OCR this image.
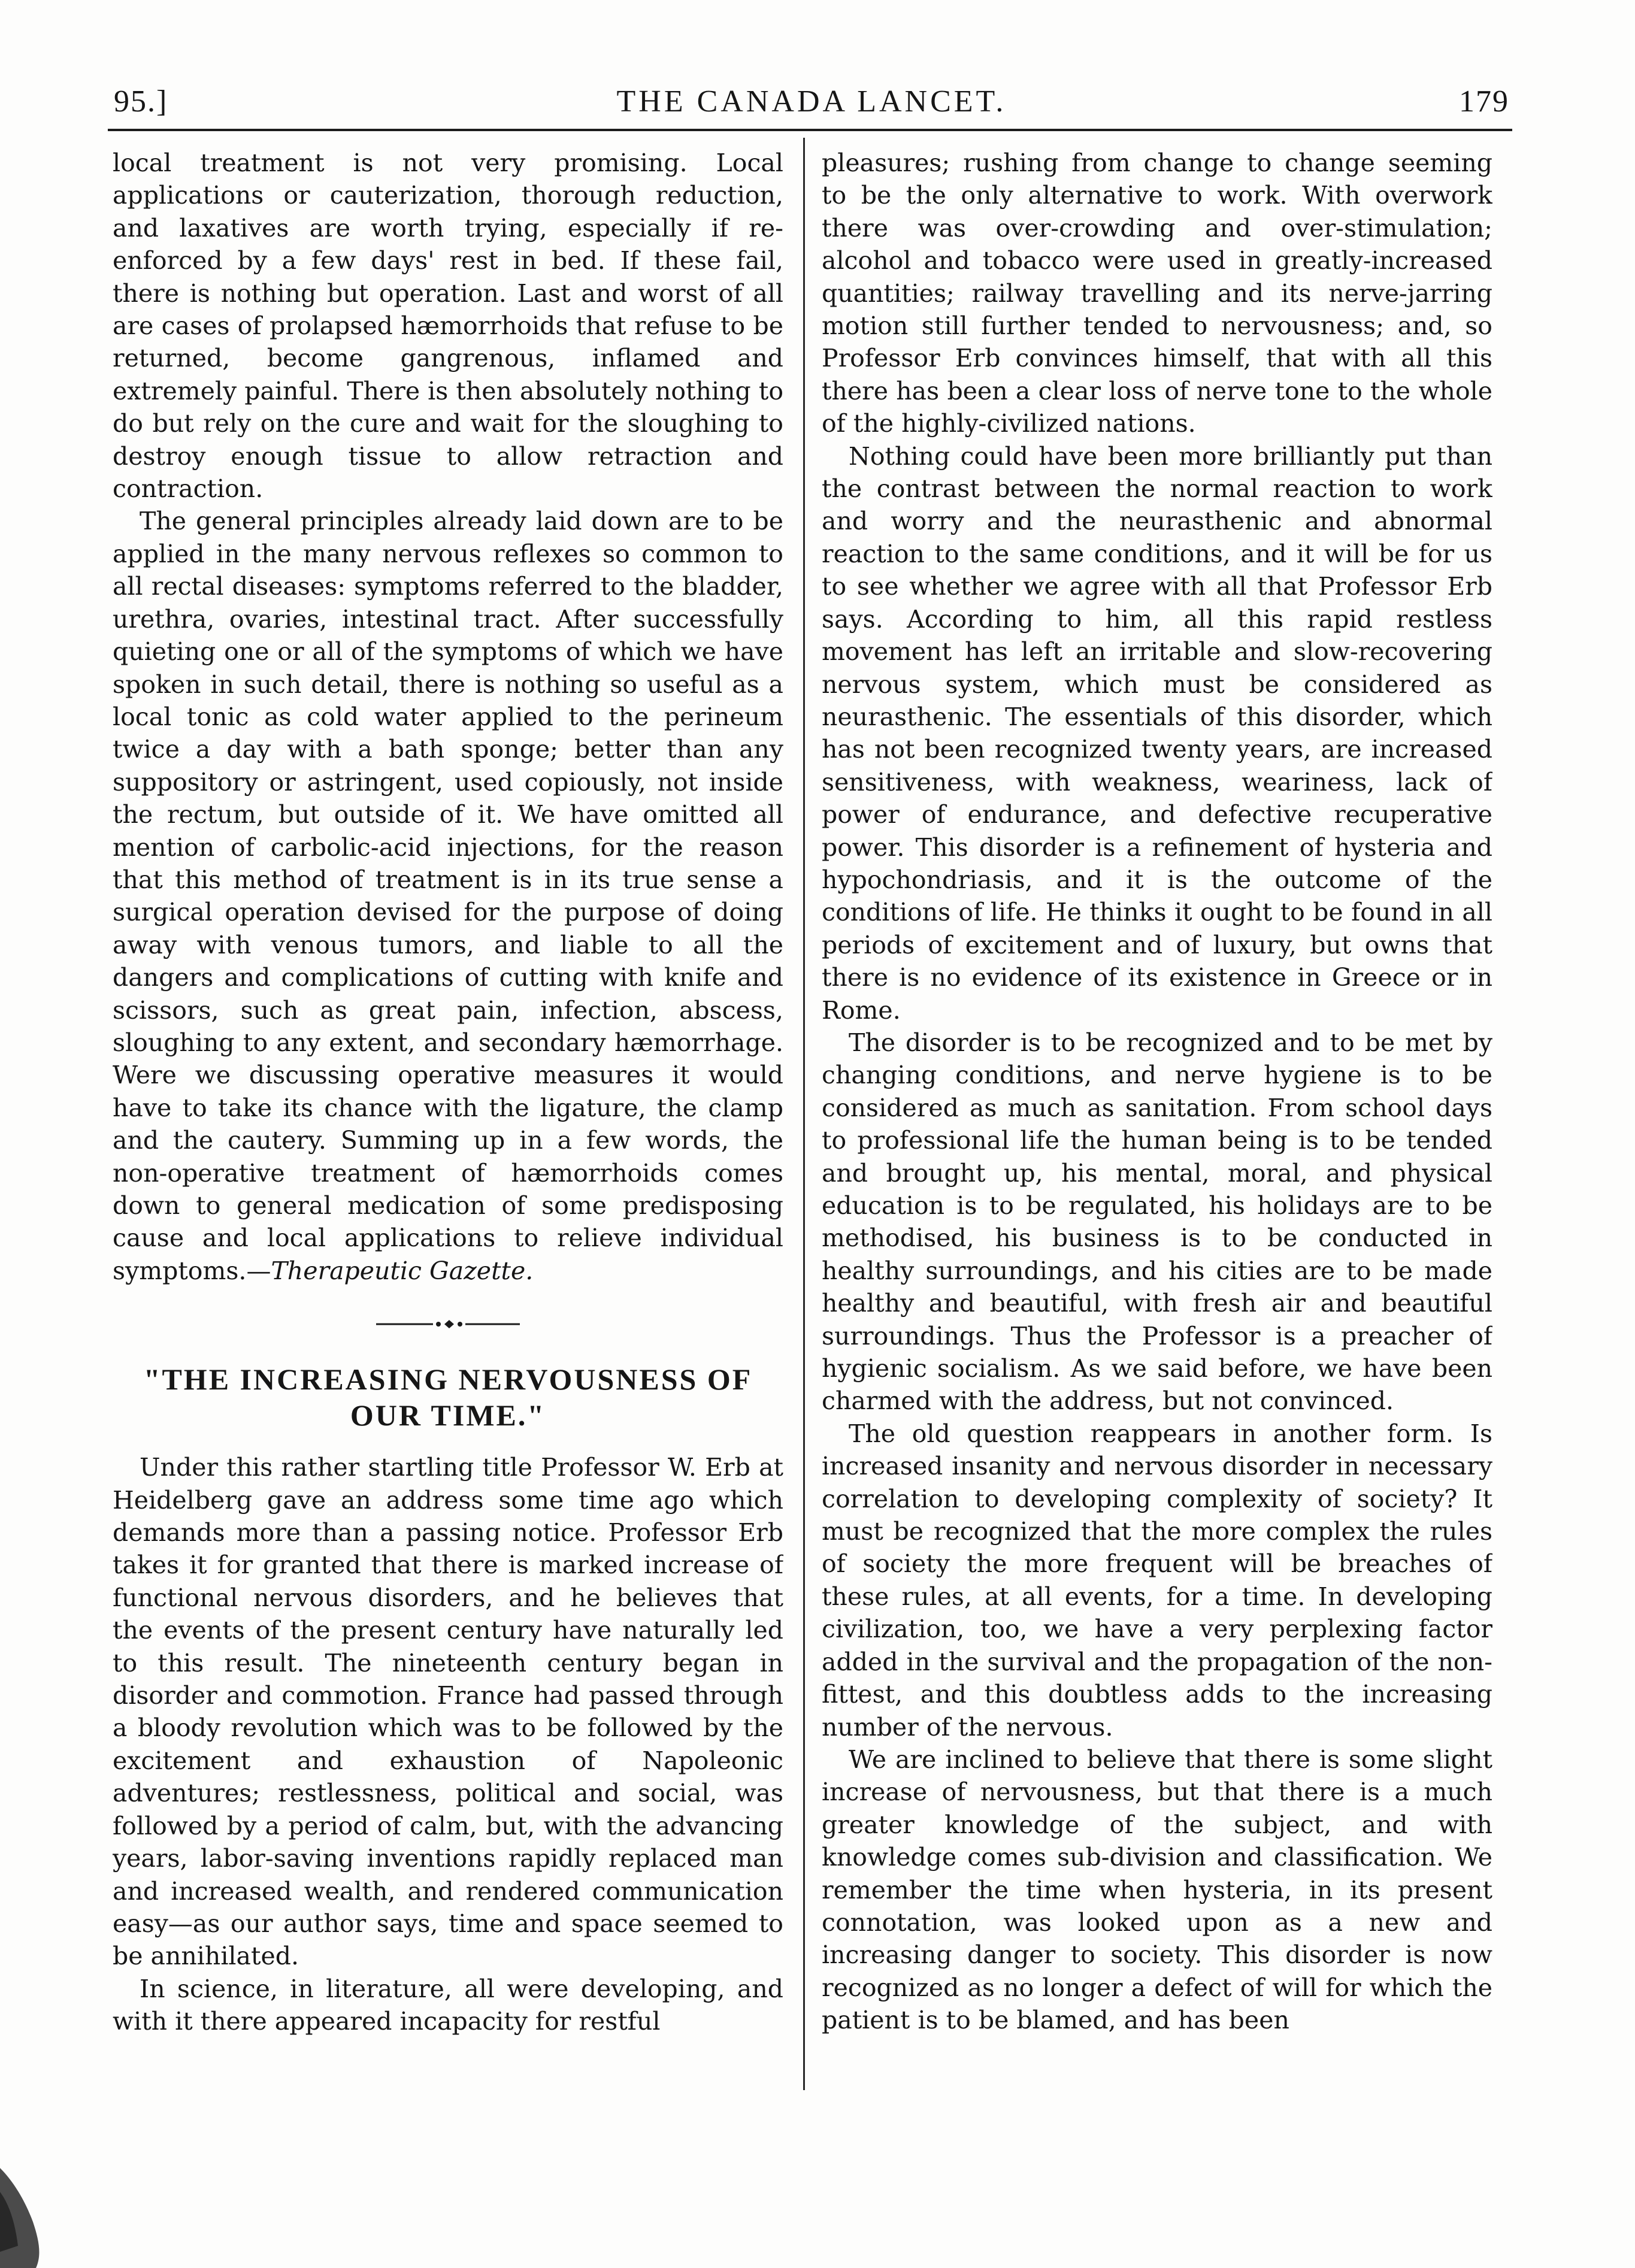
95.]	THE CANADA LANCET.	179

local treatment is not very promising. Local applications or cauterization, thorough reduction, and laxatives are worth trying, especially if re-enforced by a few days' rest in bed. If these fail, there is nothing but operation. Last and worst of all are cases of prolapsed hæmorrhoids that refuse to be returned, become gangrenous, inflamed and extremely painful. There is then absolutely nothing to do but rely on the cure and wait for the sloughing to destroy enough tissue to allow retraction and contraction.

The general principles already laid down are to be applied in the many nervous reflexes so common to all rectal diseases: symptoms referred to the bladder, urethra, ovaries, intestinal tract. After successfully quieting one or all of the symptoms of which we have spoken in such detail, there is nothing so useful as a local tonic as cold water applied to the perineum twice a day with a bath sponge; better than any suppository or astringent, used copiously, not inside the rectum, but outside of it. We have omitted all mention of carbolic-acid injections, for the reason that this method of treatment is in its true sense a surgical operation devised for the purpose of doing away with venous tumors, and liable to all the dangers and complications of cutting with knife and scissors, such as great pain, infection, abscess, sloughing to any extent, and secondary hæmorrhage. Were we discussing operative measures it would have to take its chance with the ligature, the clamp and the cautery. Summing up in a few words, the non-operative treatment of hæmorrhoids comes down to general medication of some predisposing cause and local applications to relieve individual symptoms.—Therapeutic Gazette.

"THE INCREASING NERVOUSNESS OF OUR TIME."

Under this rather startling title Professor W. Erb at Heidelberg gave an address some time ago which demands more than a passing notice. Professor Erb takes it for granted that there is marked increase of functional nervous disorders, and he believes that the events of the present century have naturally led to this result. The nineteenth century began in disorder and commotion. France had passed through a bloody revolution which was to be followed by the excitement and exhaustion of Napoleonic adventures; restlessness, political and social, was followed by a period of calm, but, with the advancing years, labor-saving inventions rapidly replaced man and increased wealth, and rendered communication easy—as our author says, time and space seemed to be annihilated.

In science, in literature, all were developing, and with it there appeared incapacity for restful

pleasures; rushing from change to change seeming to be the only alternative to work. With overwork there was over-crowding and over-stimulation; alcohol and tobacco were used in greatly-increased quantities; railway travelling and its nerve-jarring motion still further tended to nervousness; and, so Professor Erb convinces himself, that with all this there has been a clear loss of nerve tone to the whole of the highly-civilized nations.

Nothing could have been more brilliantly put than the contrast between the normal reaction to work and worry and the neurasthenic and abnormal reaction to the same conditions, and it will be for us to see whether we agree with all that Professor Erb says. According to him, all this rapid restless movement has left an irritable and slow-recovering nervous system, which must be considered as neurasthenic. The essentials of this disorder, which has not been recognized twenty years, are increased sensitiveness, with weakness, weariness, lack of power of endurance, and defective recuperative power. This disorder is a refinement of hysteria and hypochondriasis, and it is the outcome of the conditions of life. He thinks it ought to be found in all periods of excitement and of luxury, but owns that there is no evidence of its existence in Greece or in Rome.

The disorder is to be recognized and to be met by changing conditions, and nerve hygiene is to be considered as much as sanitation. From school days to professional life the human being is to be tended and brought up, his mental, moral, and physical education is to be regulated, his holidays are to be methodised, his business is to be conducted in healthy surroundings, and his cities are to be made healthy and beautiful, with fresh air and beautiful surroundings. Thus the Professor is a preacher of hygienic socialism. As we said before, we have been charmed with the address, but not convinced.

The old question reappears in another form. Is increased insanity and nervous disorder in necessary correlation to developing complexity of society? It must be recognized that the more complex the rules of society the more frequent will be breaches of these rules, at all events, for a time. In developing civilization, too, we have a very perplexing factor added in the survival and the propagation of the non-fittest, and this doubtless adds to the increasing number of the nervous.

We are inclined to believe that there is some slight increase of nervousness, but that there is a much greater knowledge of the subject, and with knowledge comes sub-division and classification. We remember the time when hysteria, in its present connotation, was looked upon as a new and increasing danger to society. This disorder is now recognized as no longer a defect of will for which the patient is to be blamed, and has been
